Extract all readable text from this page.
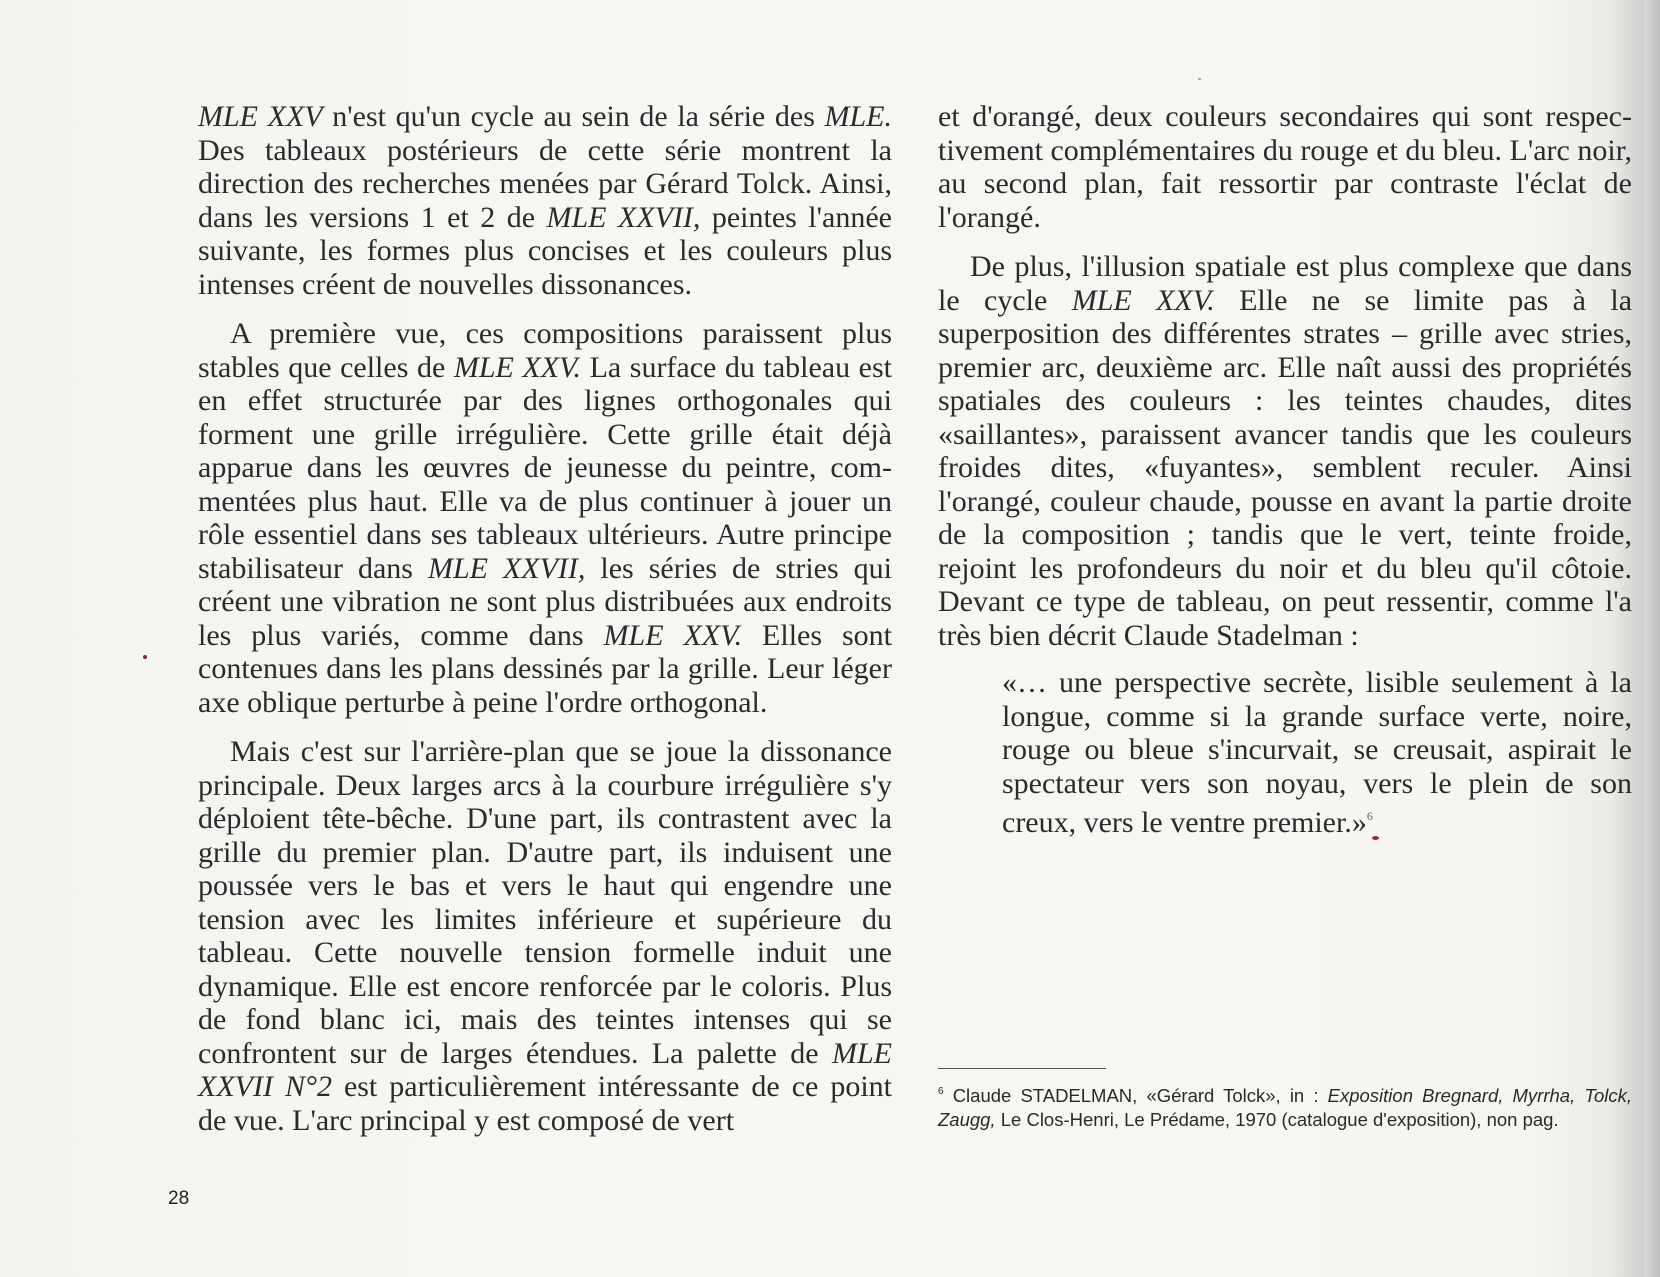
MLE XXV n'est qu'un cycle au sein de la série des MLE. Des tableaux postérieurs de cette série montrent la direction des recherches menées par Gérard Tolck. Ainsi, dans les versions 1 et 2 de MLE XXVII, peintes l'année suivante, les formes plus concises et les couleurs plus intenses créent de nouvelles dissonances.

A première vue, ces compositions paraissent plus stables que celles de MLE XXV. La surface du tableau est en effet structurée par des lignes orthogonales qui forment une grille irrégulière. Cette grille était déjà apparue dans les œuvres de jeunesse du peintre, commentées plus haut. Elle va de plus continuer à jouer un rôle essentiel dans ses tableaux ultérieurs. Autre principe stabilisateur dans MLE XXVII, les séries de stries qui créent une vibration ne sont plus distribuées aux endroits les plus variés, comme dans MLE XXV. Elles sont contenues dans les plans dessinés par la grille. Leur léger axe oblique perturbe à peine l'ordre orthogonal.

Mais c'est sur l'arrière-plan que se joue la dissonance principale. Deux larges arcs à la courbure irrégulière s'y déploient tête-bêche. D'une part, ils contrastent avec la grille du premier plan. D'autre part, ils induisent une poussée vers le bas et vers le haut qui engendre une tension avec les limites inférieure et supérieure du tableau. Cette nouvelle tension formelle induit une dynamique. Elle est encore renforcée par le coloris. Plus de fond blanc ici, mais des teintes intenses qui se confrontent sur de larges étendues. La palette de MLE XXVII N°2 est particulièrement intéressante de ce point de vue. L'arc principal y est composé de vert

et d'orangé, deux couleurs secondaires qui sont respectivement complémentaires du rouge et du bleu. L'arc noir, au second plan, fait ressortir par contraste l'éclat de l'orangé.

De plus, l'illusion spatiale est plus complexe que dans le cycle MLE XXV. Elle ne se limite pas à la superposition des différentes strates – grille avec stries, premier arc, deuxième arc. Elle naît aussi des propriétés spatiales des couleurs : les teintes chaudes, dites «saillantes», paraissent avancer tandis que les couleurs froides dites, «fuyantes», semblent reculer. Ainsi l'orangé, couleur chaude, pousse en avant la partie droite de la composition ; tandis que le vert, teinte froide, rejoint les profondeurs du noir et du bleu qu'il côtoie. Devant ce type de tableau, on peut ressentir, comme l'a très bien décrit Claude Stadelman :

«… une perspective secrète, lisible seulement à la longue, comme si la grande surface verte, noire, rouge ou bleue s'incurvait, se creusait, aspirait le spectateur vers son noyau, vers le plein de son creux, vers le ventre premier.»$^6$

$^6$ Claude STADELMAN, «Gérard Tolck», in : Exposition Bregnard, Myrrha, Tolck, Zaugg, Le Clos-Henri, Le Prédame, 1970 (catalogue d'exposition), non pag.
28
